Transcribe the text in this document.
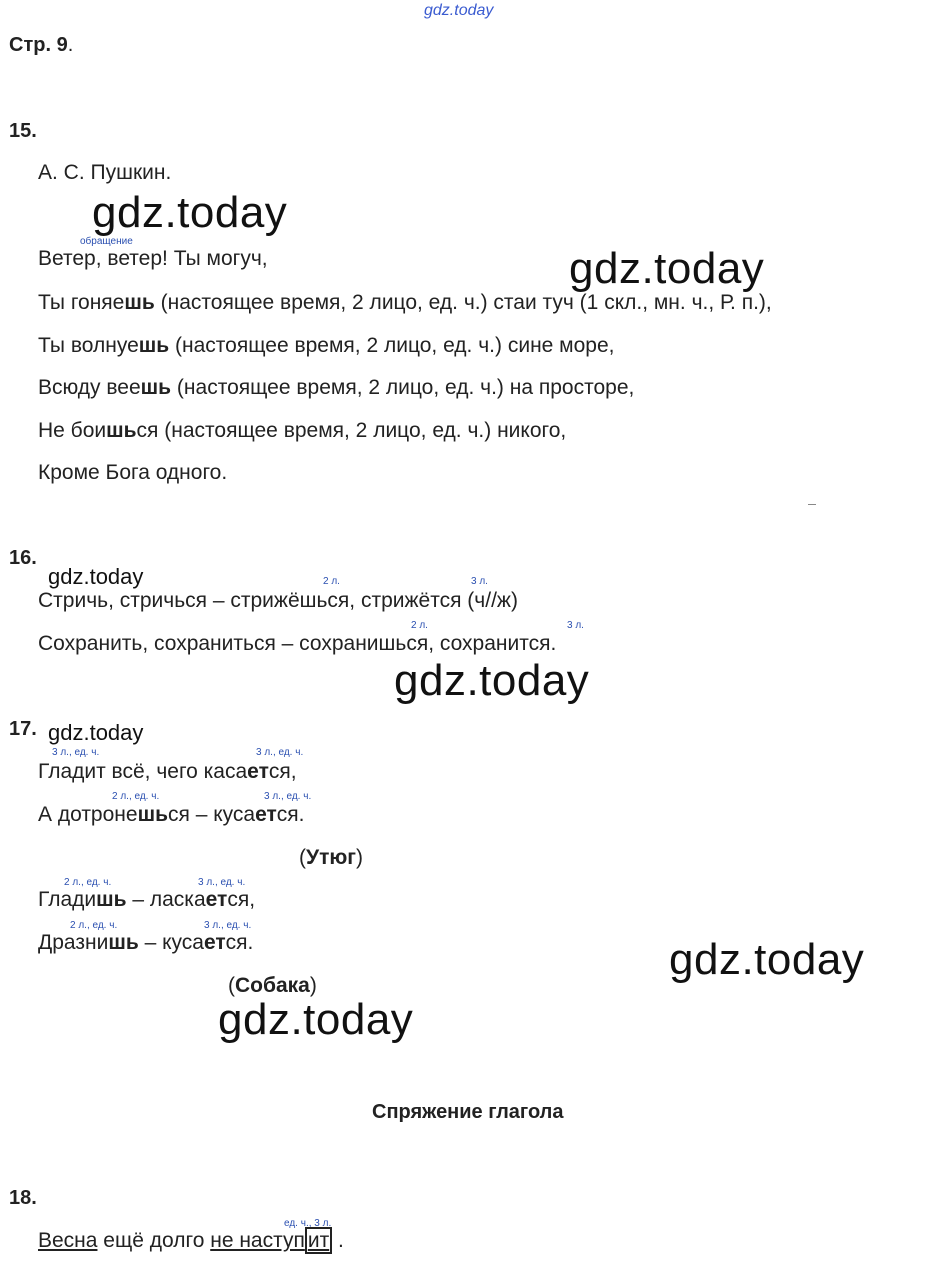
gdz.today
Стр. 9.
15.
А. С. Пушкин.
gdz.today
обращение
Ветер, ветер! Ты могуч,	gdz.today
Ты гоняешь (настоящее время, 2 лицо, ед. ч.) стаи туч (1 скл., мн. ч., Р. п.),
Ты волнуешь (настоящее время, 2 лицо, ед. ч.) сине море,
Всюду веешь (настоящее время, 2 лицо, ед. ч.) на просторе,
Не боишься (настоящее время, 2 лицо, ед. ч.) никого,
Кроме Бога одного.
16.
gdz.today	2 л.	3 л.
Стричь, стричься – стрижёшься, стрижётся (ч//ж)
2 л.	3 л.
Сохранить, сохраниться – сохранишься, сохранится.
gdz.today
17. gdz.today
3 л., ед. ч.	3 л., ед. ч.
Гладит всё, чего касается,
2 л., ед. ч.	3 л., ед. ч.
А дотронешься – кусается.
(Утюг)
2 л., ед. ч.	3 л., ед. ч.
Гладишь – ласкается,
2 л., ед. ч.	3 л., ед. ч.
Дразнишь – кусается.	gdz.today
(Собака)
gdz.today
Спряжение глагола
18.
ед. ч., 3 л.
Весна ещё долго не наступ ит .
